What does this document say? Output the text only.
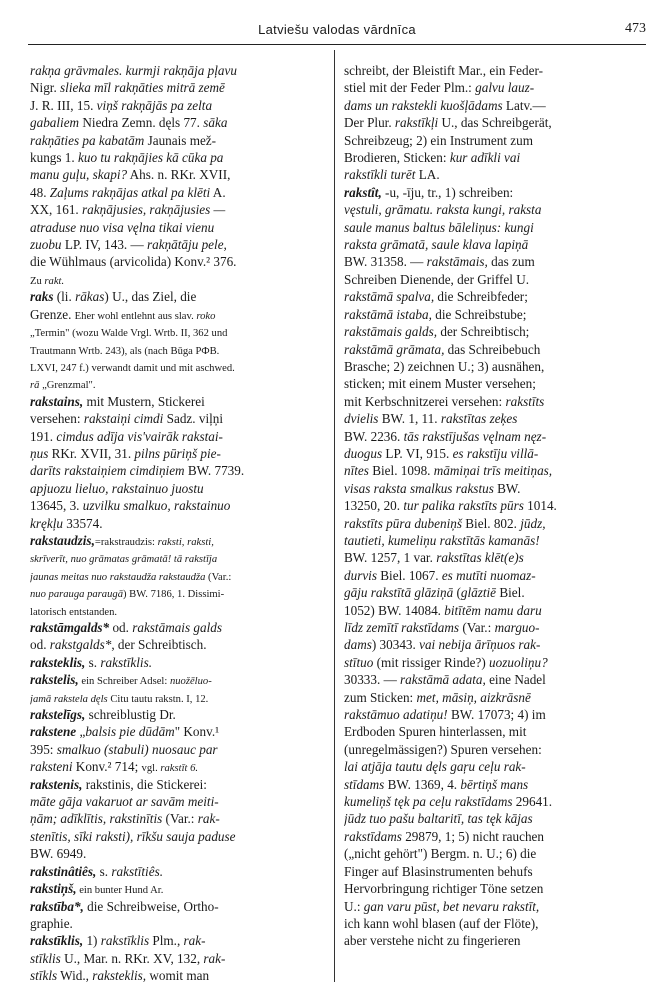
Latviešu valodas vārdnīca	473
rakņa grāvmales. kurmji rakņāja pļavu
Nigr. slieka mīl rakņāties mitrā zemē
J. R. III, 15. viņš rakņājās pa zelta
gabaliem Niedra Zemn. dęls 77. sāka
rakņāties pa kabatām Jaunais mež-
kungs 1. kuo tu rakņājies kā cūka pa
manu guļu, skapi? Ahs. n. RKr. XVII,
48. Zaļums rakņājas atkal pa klēti A.
XX, 161. rakņājusies, rakņājusies —
atraduse nuo visa vęlna tikai vienu
zuobu LP. IV, 143. — rakņātāju pele,
die Wühlmaus (arvicolida) Konv.² 376.
Zu rakt.
raks (li. rākas) U., das Ziel, die
Grenze. Eher wohl entlehnt aus slav. roko
„Termin" (wozu Walde Vrgl. Wrtb. II, 362 und
Trautmann Wrtb. 243), als (nach Būga РФВ.
LXVI, 247 f.) verwandt damit und mit aschwed.
rā „Grenzmal".
rakstains, mit Mustern, Stickerei
versehen: rakstaiņi cimdi Sadz. viļņi
191. cimdus adīja vis'vairāk rakstai-
ņus RKr. XVII, 31. pilns pūriņš pie-
darīts rakstaiņiem cimdiņiem BW. 7739.
apjuozu lieluo, rakstainuo juostu
13645, 3. uzvilku smalkuo, rakstainuo
krękļu 33574.
rakstaudzis,=rakstraudzis: raksti, raksti,
skrīverīt, nuo grāmatas grāmatā! tā rakstīja
jaunas meitas nuo rakstaudža rakstaudža (Var.:
nuo parauga paraugā) BW. 7186, 1. Dissimi-
latorisch entstanden.
rakstāmgalds* od. rakstāmais galds
od. rakstgalds*, der Schreibtisch.
raksteklis, s. rakstīklis.
rakstelis, ein Schreiber Adsel: nuožēluo-
jamā rakstela dęls Citu tautu rakstn. I, 12.
rakstelīgs, schreiblustig Dr.
rakstene „balsis pie dūdām" Konv.¹
395: smalkuo (stabuli) nuosauc par
raksteni Konv.² 714; vgl. rakstīt 6.
rakstenis, rakstinis, die Stickerei:
māte gāja vakaruot ar savām meiti-
ņām; adīklītis, rakstinītis (Var.: rak-
stenītis, sīki raksti), rīkšu sauja paduse
BW. 6949.
rakstinâtiês, s. rakstītiês.
rakstiņš, ein bunter Hund Ar.
rakstība*, die Schreibweise, Ortho-
graphie.
rakstīklis, 1) rakstīklis Plm., rak-
stīklis U., Mar. n. RKr. XV, 132, rak-
stīkls Wid., raksteklis, womit man
schreibt, der Bleistift Mar., ein Feder-
stiel mit der Feder Plm.: galvu lauz-
dams un rakstekli kuošļādams Latv.—
Der Plur. rakstīkļi U., das Schreibgerät,
Schreibzeug; 2) ein Instrument zum
Brodieren, Sticken: kur adīkli vai
rakstīkli turēt LA.
rakstît, -u, -īju, tr., 1) schreiben:
vęstuli, grāmatu. raksta kungi, raksta
saule manus baltus bāleliņus: kungi
raksta grāmatā, saule klava lapiņā
BW. 31358. — rakstāmais, das zum
Schreiben Dienende, der Griffel U.
rakstāmā spalva, die Schreibfeder;
rakstāmā istaba, die Schreibstube;
rakstāmais galds, der Schreibtisch;
rakstāmā grāmata, das Schreibebuch
Brasche; 2) zeichnen U.; 3) ausnähen,
sticken; mit einem Muster versehen;
mit Kerbschnitzerei versehen: rakstīts
dvielis BW. 1, 11. rakstītas zeķes
BW. 2236. tās rakstījušas vęlnam nęz-
duogus LP. VI, 915. es rakstīju villā-
nītes Biel. 1098. māmiņai trīs meitiņas,
visas raksta smalkus rakstus BW.
13250, 20. tur palika rakstīts pūrs 1014.
rakstīts pūra dubeniņš Biel. 802. jūdz,
tautieti, kumeliņu rakstītās kamanās!
BW. 1257, 1 var. rakstītas klēt(e)s
durvis Biel. 1067. es mutīti nuomaz-
gāju rakstītā glāziņā (glāztiē Biel.
1052) BW. 14084. bitītēm namu daru
līdz zemītī rakstīdams (Var.: marguo-
dams) 30343. vai nebija ārīņuos rak-
stītuo (mit rissiger Rinde?) uozuoliņu?
30333. — rakstāmā adata, eine Nadel
zum Sticken: met, māsiņ, aizkrāsnē
rakstāmuo adatiņu! BW. 17073; 4) im
Erdboden Spuren hinterlassen, mit
(unregelmässigen?) Spuren versehen:
lai atjāja tautu dęls gaŗu ceļu rak-
stīdams BW. 1369, 4. bērtiņš mans
kumeliņš tęk pa ceļu rakstīdams 29641.
jūdz tuo pašu baltaritī, tas tęk kājas
rakstīdams 29879, 1; 5) nicht rauchen
(„nicht gehört") Bergm. n. U.; 6) die
Finger auf Blasinstrumenten behufs
Hervorbringung richtiger Töne setzen
U.: gan varu pūst, bet nevaru rakstīt,
ich kann wohl blasen (auf der Flöte),
aber verstehe nicht zu fingerieren
